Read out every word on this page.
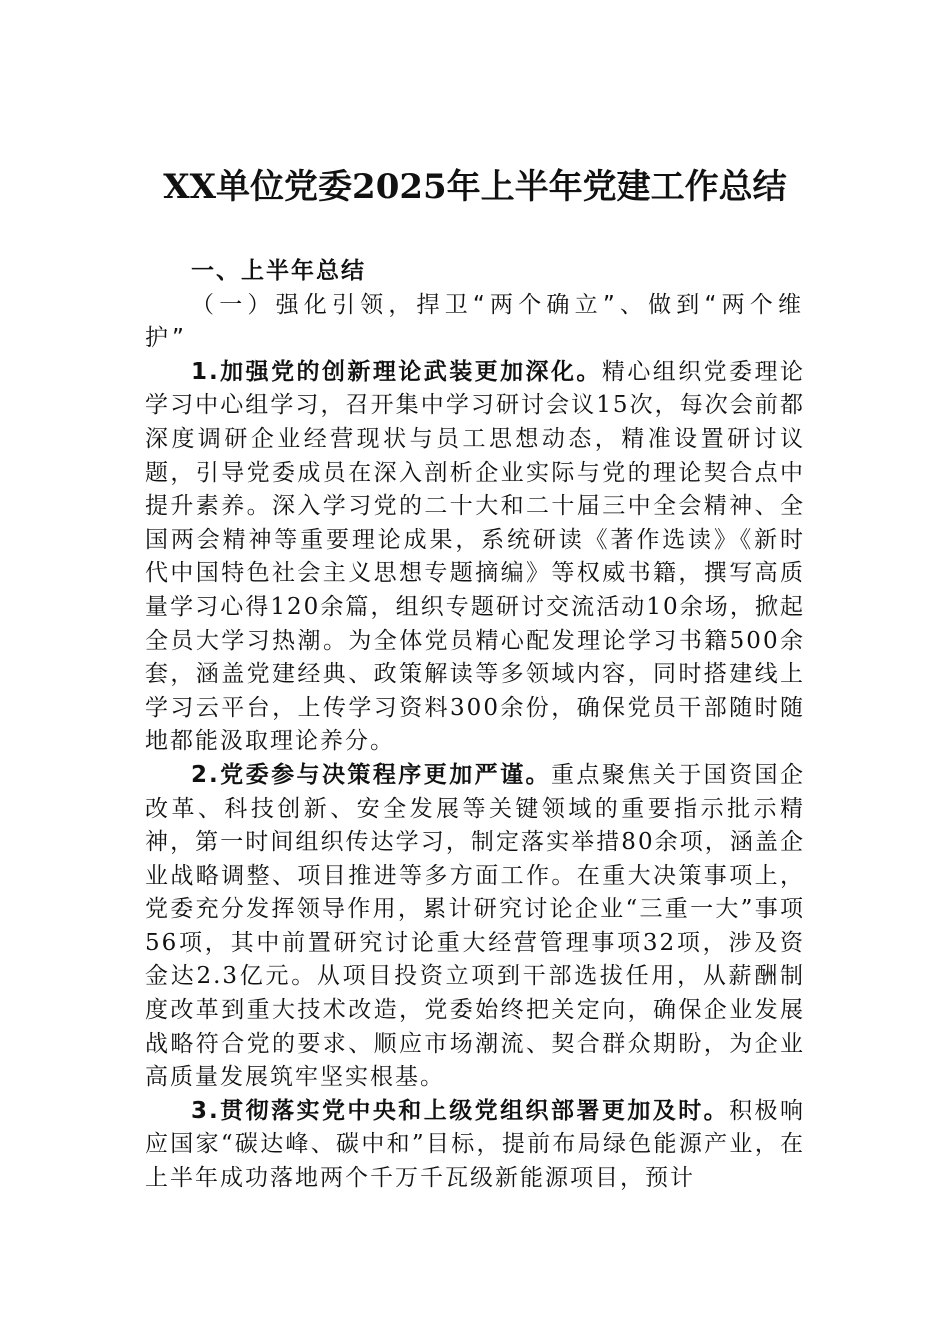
XX单位党委2025年上半年党建工作总结

一、上半年总结

（一）强化引领，捍卫“两个确立”、做到“两个维护”

1.加强党的创新理论武装更加深化。精心组织党委理论学习中心组学习，召开集中学习研讨会议15次，每次会前都深度调研企业经营现状与员工思想动态，精准设置研讨议题，引导党委成员在深入剖析企业实际与党的理论契合点中提升素养。深入学习党的二十大和二十届三中全会精神、全国两会精神等重要理论成果，系统研读《著作选读》《新时代中国特色社会主义思想专题摘编》等权威书籍，撰写高质量学习心得120余篇，组织专题研讨交流活动10余场，掀起全员大学习热潮。为全体党员精心配发理论学习书籍500余套，涵盖党建经典、政策解读等多领域内容，同时搭建线上学习云平台，上传学习资料300余份，确保党员干部随时随地都能汲取理论养分。

2.党委参与决策程序更加严谨。重点聚焦关于国资国企改革、科技创新、安全发展等关键领域的重要指示批示精神，第一时间组织传达学习，制定落实举措80余项，涵盖企业战略调整、项目推进等多方面工作。在重大决策事项上，党委充分发挥领导作用，累计研究讨论企业“三重一大”事项56项，其中前置研究讨论重大经营管理事项32项，涉及资金达2.3亿元。从项目投资立项到干部选拔任用，从薪酬制度改革到重大技术改造，党委始终把关定向，确保企业发展战略符合党的要求、顺应市场潮流、契合群众期盼，为企业高质量发展筑牢坚实根基。

3.贯彻落实党中央和上级党组织部署更加及时。积极响应国家“碳达峰、碳中和”目标，提前布局绿色能源产业，在上半年成功落地两个千万千瓦级新能源项目，预计
